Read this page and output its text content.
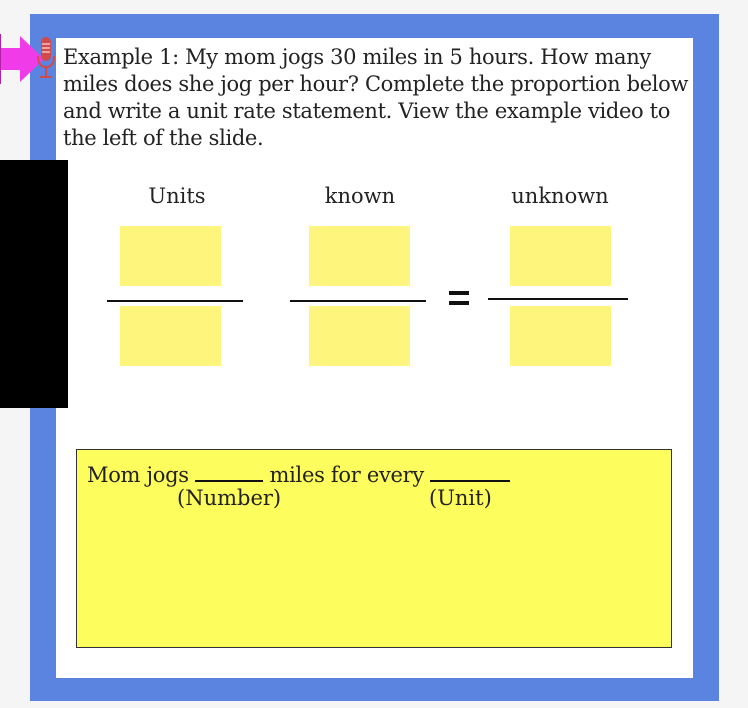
Example 1: My mom jogs 30 miles in 5 hours. How many miles does she jog per hour? Complete the proportion below and write a unit rate statement. View the example video to the left of the slide.
Units	known	unknown
Mom jogs	miles for every
(Number)	(Unit)
